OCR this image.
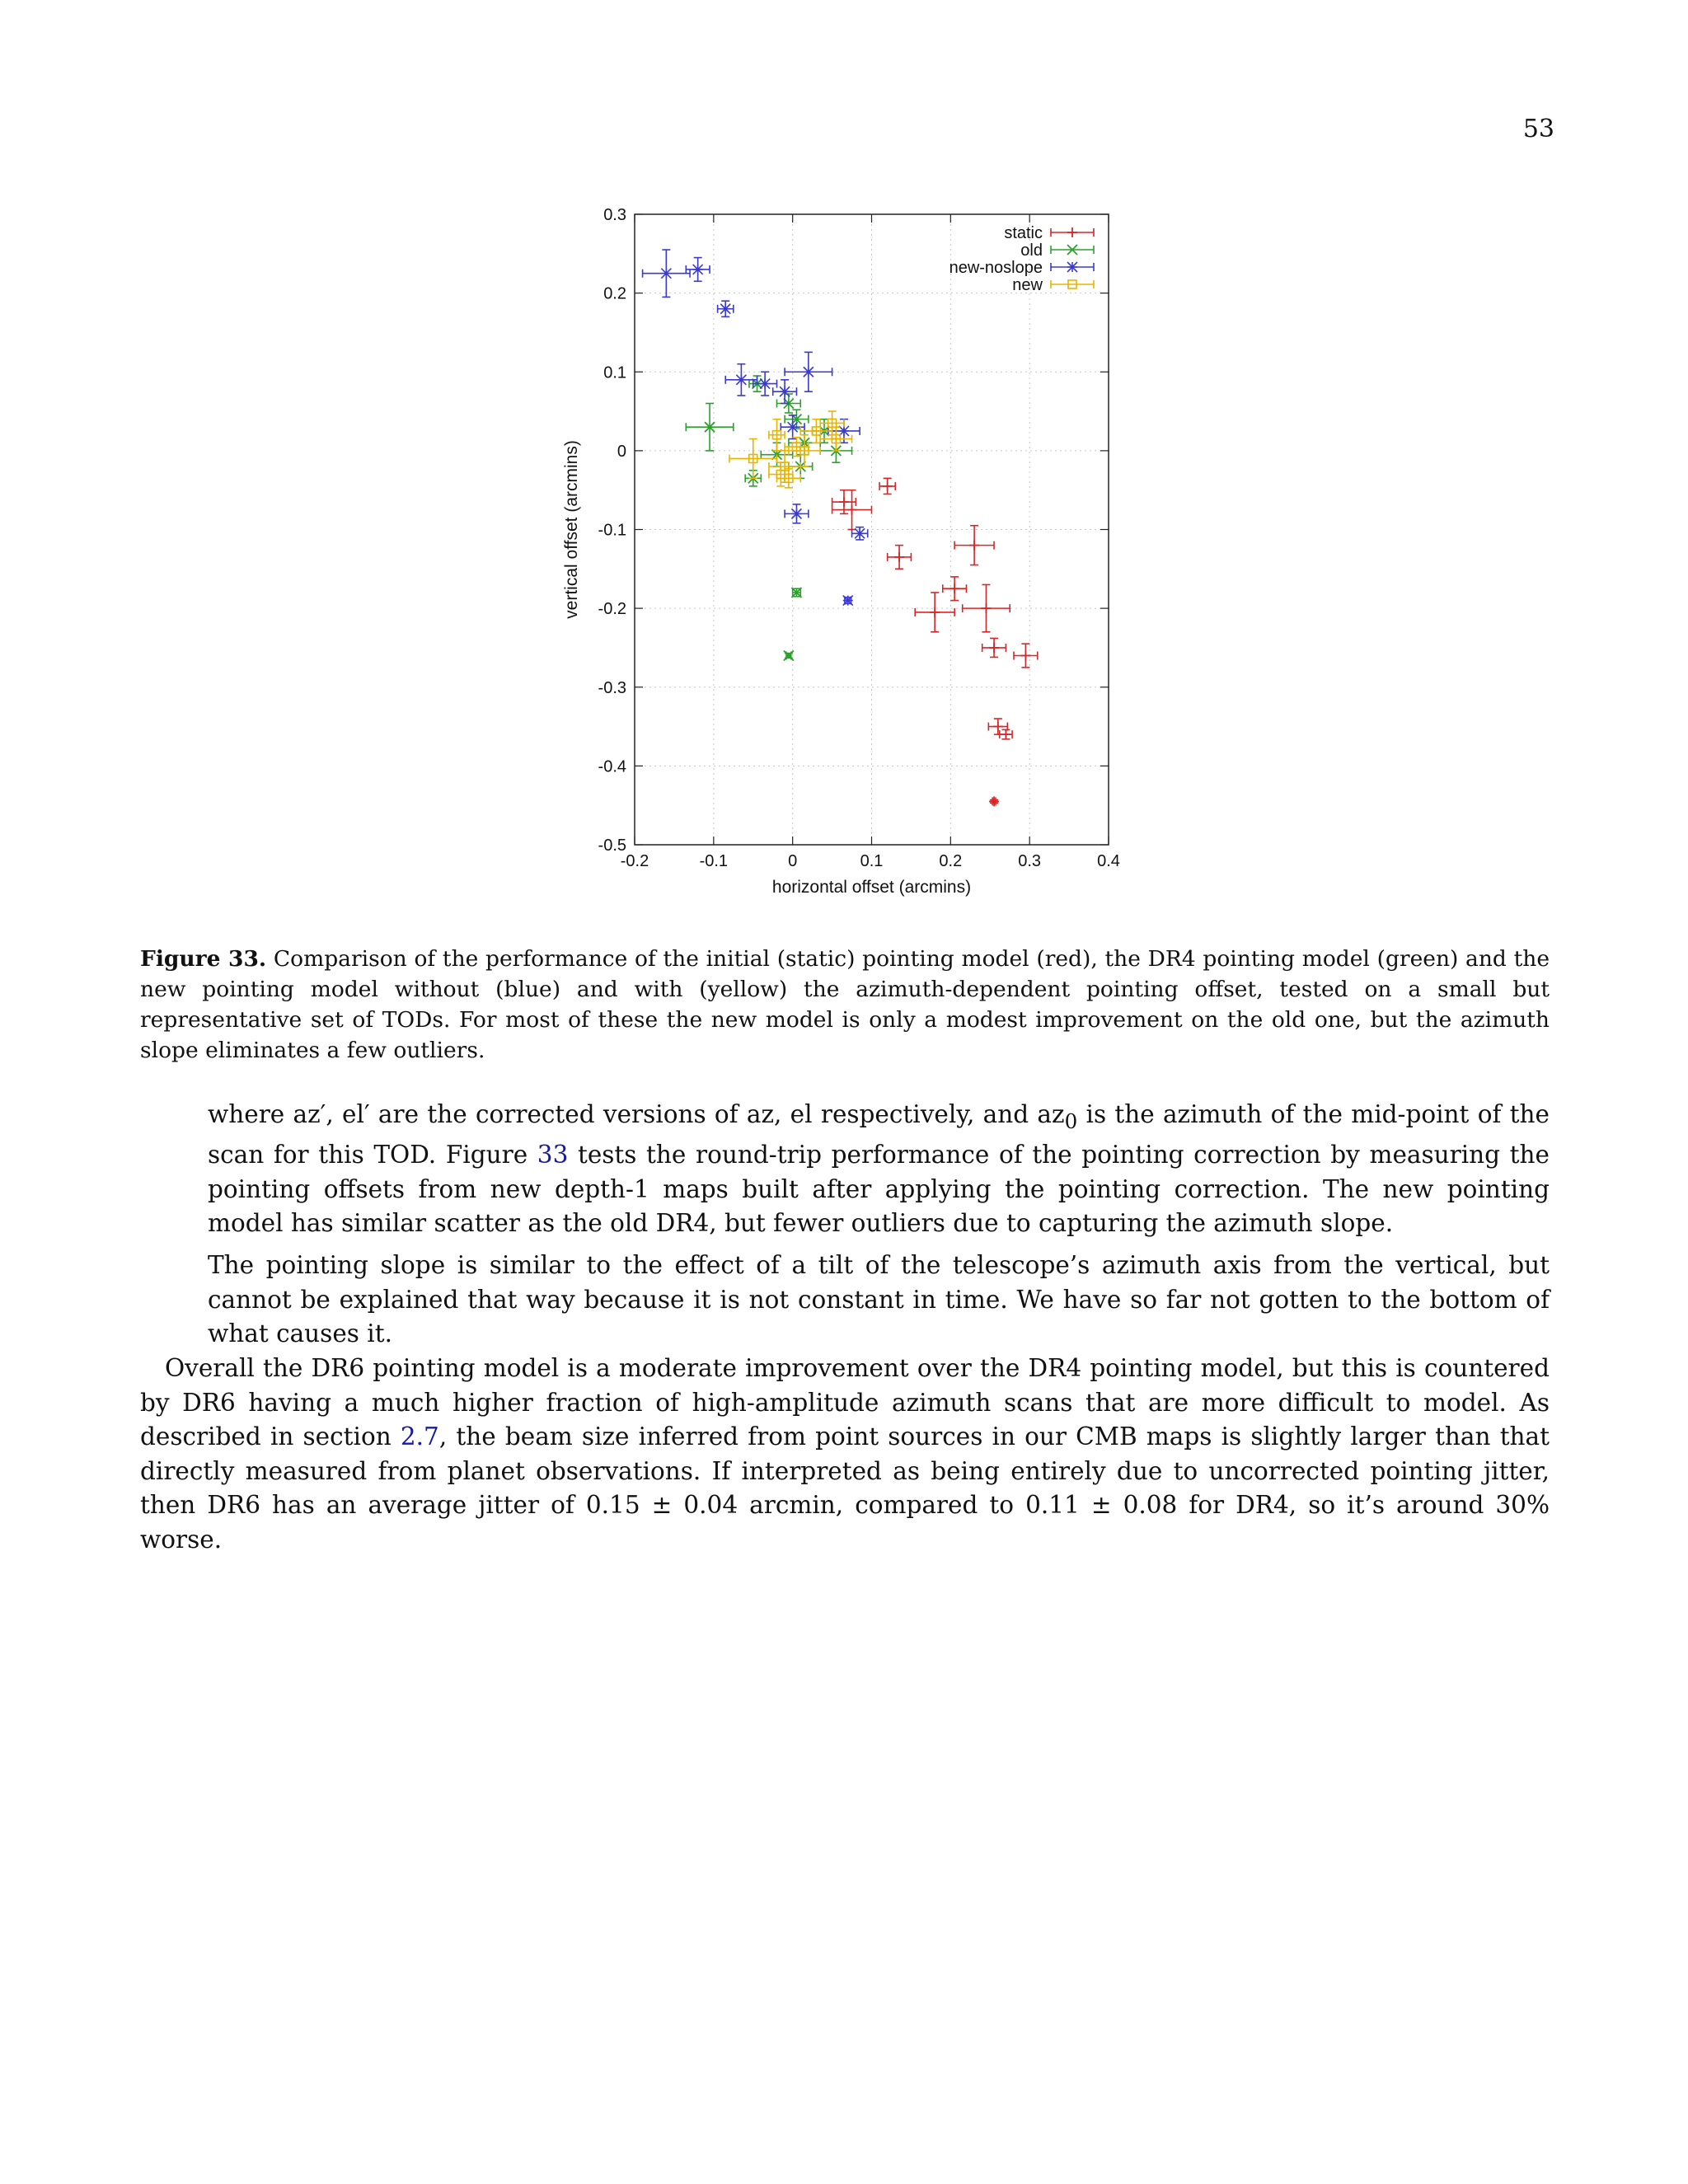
53
-0.2	-0.1	0	0.1	0.2	0.3	0.4
-0.5
-0.4
-0.3
-0.2
-0.1
0
0.1
0.2
0.3
horizontal offset (arcmins)
vertical offset (arcmins)
static
old
new-noslope
new

Figure 33. Comparison of the performance of the initial (static) pointing model (red), the DR4 pointing model (green) and the new pointing model without (blue) and with (yellow) the azimuth-dependent pointing offset, tested on a small but representative set of TODs. For most of these the new model is only a modest improvement on the old one, but the azimuth slope eliminates a few outliers.

where az′, el′ are the corrected versions of az, el respectively, and $az_0$ is the azimuth of the mid-point of the scan for this TOD. Figure 33 tests the round-trip performance of the pointing correction by measuring the pointing offsets from new depth-1 maps built after applying the pointing correction. The new pointing model has similar scatter as the old DR4, but fewer outliers due to capturing the azimuth slope.

The pointing slope is similar to the effect of a tilt of the telescope’s azimuth axis from the vertical, but cannot be explained that way because it is not constant in time. We have so far not gotten to the bottom of what causes it.

Overall the DR6 pointing model is a moderate improvement over the DR4 pointing model, but this is countered by DR6 having a much higher fraction of high-amplitude azimuth scans that are more difficult to model. As described in section 2.7, the beam size inferred from point sources in our CMB maps is slightly larger than that directly measured from planet observations. If interpreted as being entirely due to uncorrected pointing jitter, then DR6 has an average jitter of 0.15 ± 0.04 arcmin, compared to 0.11 ± 0.08 for DR4, so it’s around 30% worse.
